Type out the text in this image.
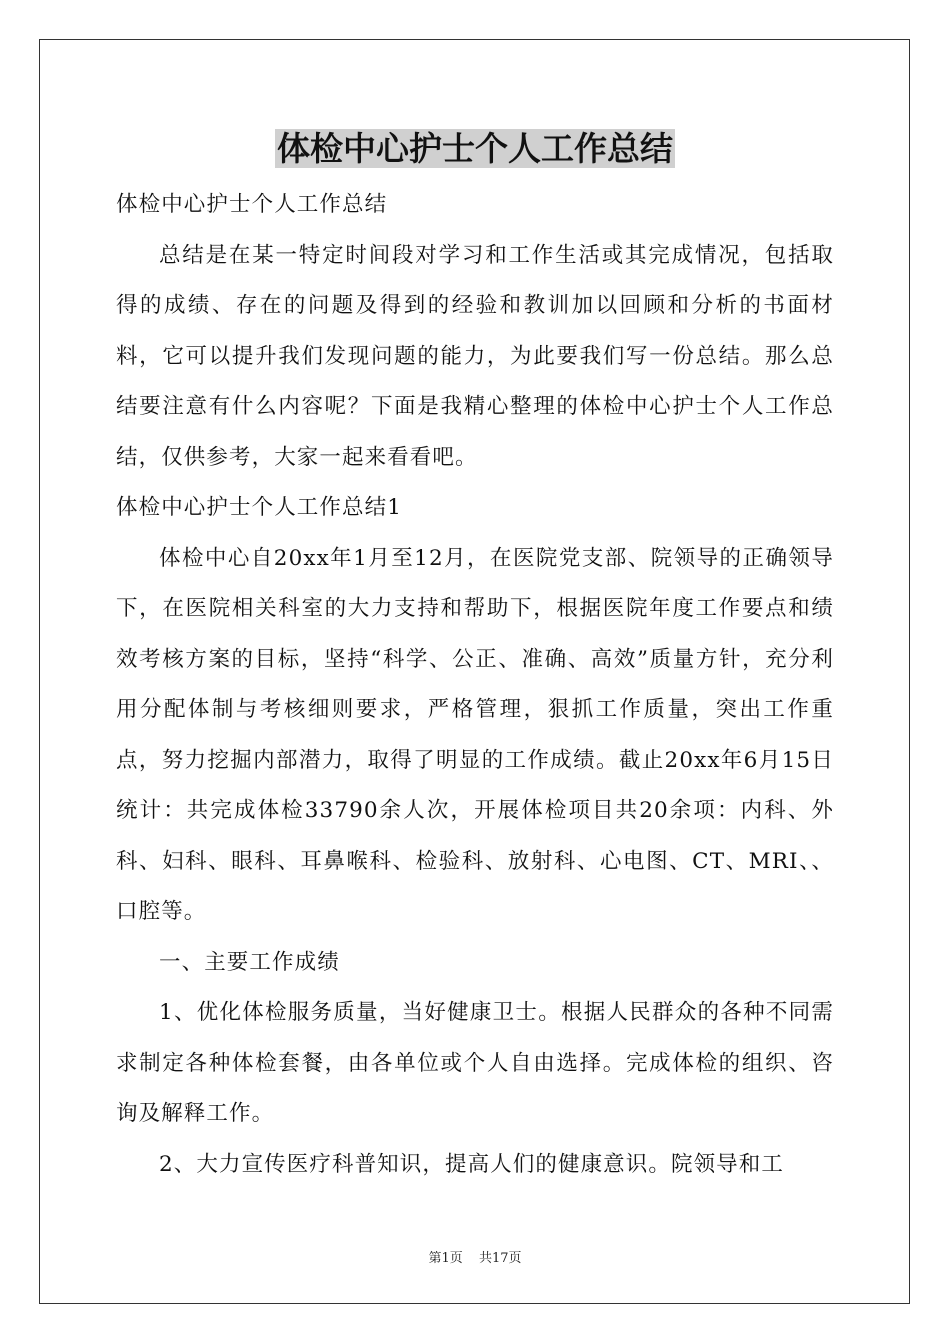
体检中心护士个人工作总结

体检中心护士个人工作总结

总结是在某一特定时间段对学习和工作生活或其完成情况，包括取得的成绩、存在的问题及得到的经验和教训加以回顾和分析的书面材料，它可以提升我们发现问题的能力，为此要我们写一份总结。那么总结要注意有什么内容呢？下面是我精心整理的体检中心护士个人工作总结，仅供参考，大家一起来看看吧。

体检中心护士个人工作总结1

体检中心自20xx年1月至12月，在医院党支部、院领导的正确领导下，在医院相关科室的大力支持和帮助下，根据医院年度工作要点和绩效考核方案的目标，坚持“科学、公正、准确、高效”质量方针，充分利用分配体制与考核细则要求，严格管理，狠抓工作质量，突出工作重点，努力挖掘内部潜力，取得了明显的工作成绩。截止20xx年6月15日统计：共完成体检33790余人次，开展体检项目共20余项：内科、外科、妇科、眼科、耳鼻喉科、检验科、放射科、心电图、CT、MRI、、口腔等。

一、主要工作成绩

1、优化体检服务质量，当好健康卫士。根据人民群众的各种不同需求制定各种体检套餐，由各单位或个人自由选择。完成体检的组织、咨询及解释工作。

2、大力宣传医疗科普知识，提高人们的健康意识。院领导和工

第1页 共17页
